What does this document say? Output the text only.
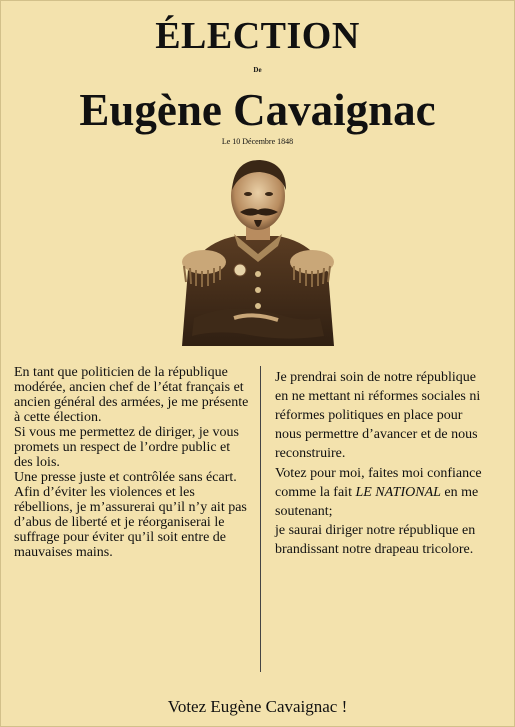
ÉLECTION
De
Eugène Cavaignac
Le 10 Décembre 1848

En tant que politicien de la république modérée, ancien chef de l’état français et ancien général des armées, je me présente à cette élection.

Si vous me permettez de diriger, je vous promets un respect de l’ordre public et des lois.

Une presse juste et contrôlée sans écart.

Afin d’éviter les violences et les rébellions, je m’assurerai qu’il n’y ait pas d’abus de liberté et je réorganiserai le suffrage pour éviter qu’il soit entre de mauvaises mains.

Je prendrai soin de notre république en ne mettant ni réformes sociales ni réformes politiques en place pour nous permettre d’avancer et de nous reconstruire.

Votez pour moi, faites moi confiance comme la fait LE NATIONAL en me soutenant;

je saurai diriger notre république en brandissant notre drapeau tricolore.

Votez Eugène Cavaignac !
